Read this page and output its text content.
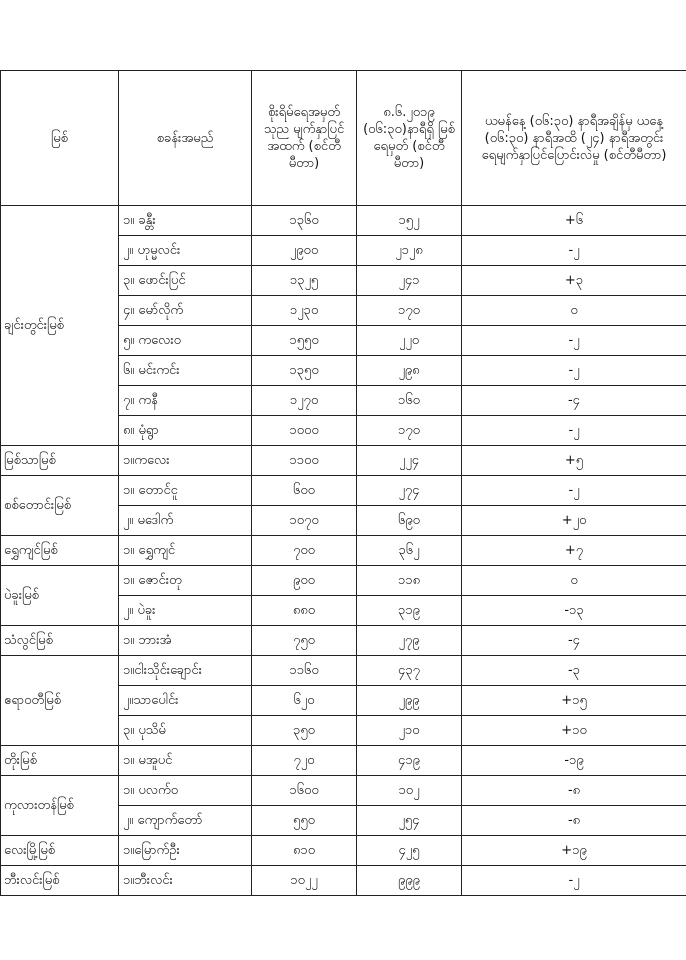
မြစ်	စခန်းအမည်	စိုးရိမ်ရေအမှတ် သုည မျက်နှာပြင် အထက် (စင်တီမီတာ)	၈.၆.၂၀၁၉ (၀၆:၃၀)နာရီရှိ မြစ်ရေမှတ် (စင်တီမီတာ)	ယမန်နေ့ (၀၆:၃၀) နာရီအချိန်မှ ယနေ့ (၀၆:၃၀) နာရီအထိ (၂၄) နာရီအတွင်း ရေမျက်နှာပြင်ပြောင်းလဲမှု (စင်တီမီတာ)
ချင်းတွင်းမြစ်	၁။ ခန္တီး	၁၃၆၀	၁၅၂	+၆
	၂။ ဟုမ္မလင်း	၂၉၀၀	၂၁၂၈	-၂
	၃။ ဖောင်းပြင်	၁၃၂၅	၂၄၁	+၃
	၄။ မော်လိုက်	၁၂၃၀	၁၇၀	၀
	၅။ ကလေးဝ	၁၅၅၀	၂၂၀	-၂
	၆။ မင်းကင်း	၁၃၅၀	၂၉၈	-၂
	၇။ ကနီ	၁၂၇၀	၁၆၀	-၄
	၈။ မုံရွာ	၁၀၀၀	၁၇၀	-၂
မြစ်သာမြစ်	၁။ကလေး	၁၁၀၀	၂၂၄	+၅
စစ်တောင်းမြစ်	၁။ တောင်ငူ	၆၀၀	၂၇၄	-၂
	၂။ မဒေါက်	၁၀၇၀	၆၉၀	+၂၀
ရွှေကျင်မြစ်	၁။ ရွှေကျင်	၇၀၀	၃၆၂	+၇
ပဲခူးမြစ်	၁။ ဇောင်းတု	၉၀၀	၁၁၈	၀
	၂။ ပဲခူး	၈၈၀	၃၁၉	-၁၃
သံလွင်မြစ်	၁။ ဘားအံ	၇၅၀	၂၇၉	-၄
ဧရာဝတီမြစ်	၁။ငါးသိုင်းချောင်း	၁၁၆၀	၄၃၇	-၃
	၂။သာပေါင်း	၆၂၀	၂၉၉	+၁၅
	၃။ ပုသိမ်	၃၅၀	၂၁၀	+၁၀
တိုးမြစ်	၁။ မအူပင်	၇၂၀	၄၁၉	-၁၉
ကုလားတန်မြစ်	၁။ ပလက်ဝ	၁၆၀၀	၁၀၂	-၈
	၂။ ကျောက်တော်	၅၅၀	၂၅၄	-၈
လေးမြို့မြစ်	၁။မြောက်ဦး	၈၁၀	၄၂၅	+၁၉
ဘီးလင်းမြစ်	၁။ဘီးလင်း	၁၀၂၂	၉၉၉	-၂
